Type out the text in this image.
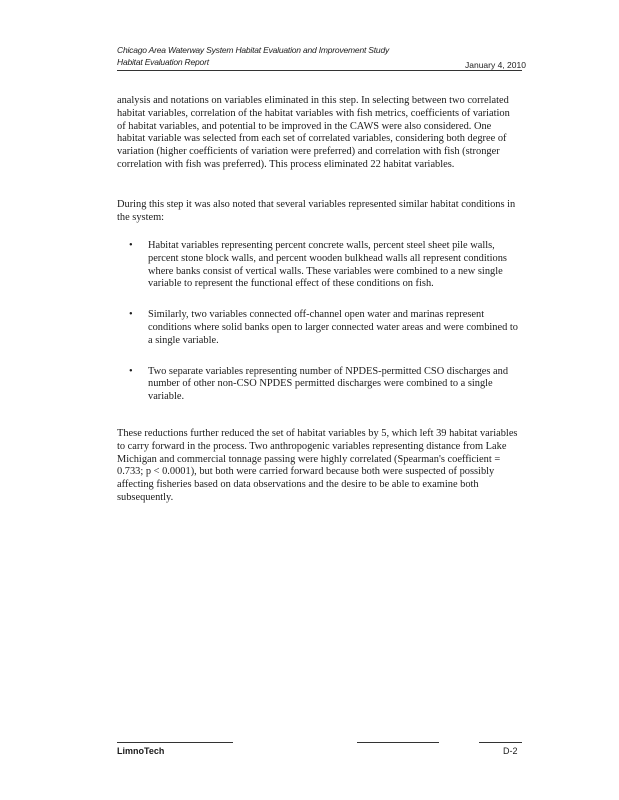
Chicago Area Waterway System Habitat Evaluation and Improvement Study
Habitat Evaluation Report	January 4, 2010

analysis and notations on variables eliminated in this step. In selecting between two correlated habitat variables, correlation of the habitat variables with fish metrics, coefficients of variation of habitat variables, and potential to be improved in the CAWS were also considered. One habitat variable was selected from each set of correlated variables, considering both degree of variation (higher coefficients of variation were preferred) and correlation with fish (stronger correlation with fish was preferred). This process eliminated 22 habitat variables.

During this step it was also noted that several variables represented similar habitat conditions in the system:

• Habitat variables representing percent concrete walls, percent steel sheet pile walls, percent stone block walls, and percent wooden bulkhead walls all represent conditions where banks consist of vertical walls. These variables were combined to a new single variable to represent the functional effect of these conditions on fish.
• Similarly, two variables connected off-channel open water and marinas represent conditions where solid banks open to larger connected water areas and were combined to a single variable.
• Two separate variables representing number of NPDES-permitted CSO discharges and number of other non-CSO NPDES permitted discharges were combined to a single variable.

These reductions further reduced the set of habitat variables by 5, which left 39 habitat variables to carry forward in the process. Two anthropogenic variables representing distance from Lake Michigan and commercial tonnage passing were highly correlated (Spearman's coefficient = 0.733; p < 0.0001), but both were carried forward because both were suspected of possibly affecting fisheries based on data observations and the desire to be able to examine both subsequently.

LimnoTech	D-2
